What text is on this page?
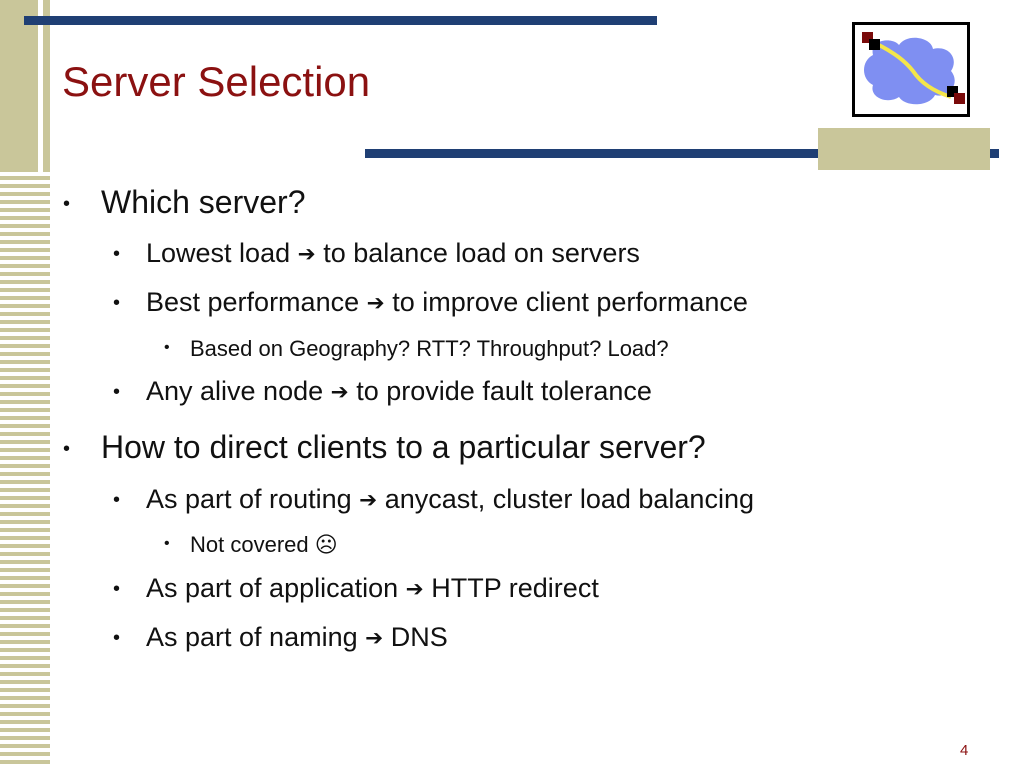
Server Selection
• Which server?
• Lowest load ➔ to balance load on servers
• Best performance ➔ to improve client performance
• Based on Geography? RTT? Throughput? Load?
• Any alive node ➔ to provide fault tolerance
• How to direct clients to a particular server?
• As part of routing ➔ anycast, cluster load balancing
• Not covered ☹
• As part of application ➔ HTTP redirect
• As part of naming ➔ DNS
4
